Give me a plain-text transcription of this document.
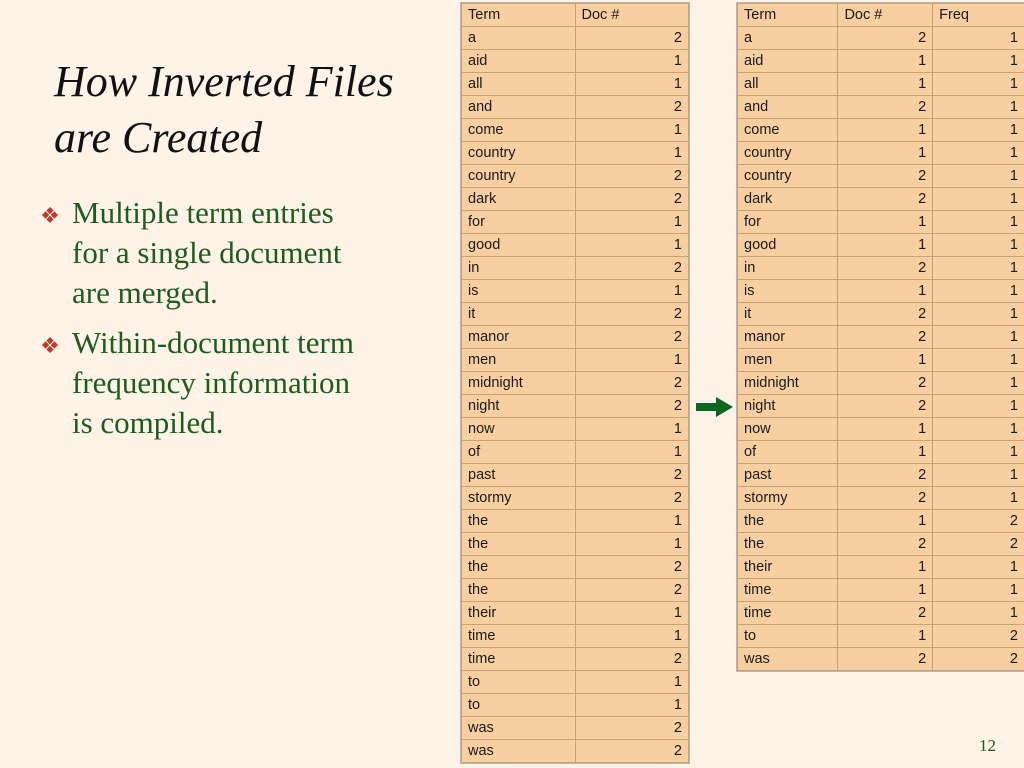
How Inverted Files are Created
❖ Multiple term entries for a single document are merged.
❖ Within-document term frequency information is compiled.
Term	Doc #
a	2
aid	1
all	1
and	2
come	1
country	1
country	2
dark	2
for	1
good	1
in	2
is	1
it	2
manor	2
men	1
midnight	2
night	2
now	1
of	1
past	2
stormy	2
the	1
the	1
the	2
the	2
their	1
time	1
time	2
to	1
to	1
was	2
was	2
Term	Doc #	Freq
a	2	1
aid	1	1
all	1	1
and	2	1
come	1	1
country	1	1
country	2	1
dark	2	1
for	1	1
good	1	1
in	2	1
is	1	1
it	2	1
manor	2	1
men	1	1
midnight	2	1
night	2	1
now	1	1
of	1	1
past	2	1
stormy	2	1
the	1	2
the	2	2
their	1	1
time	1	1
time	2	1
to	1	2
was	2	2
12
